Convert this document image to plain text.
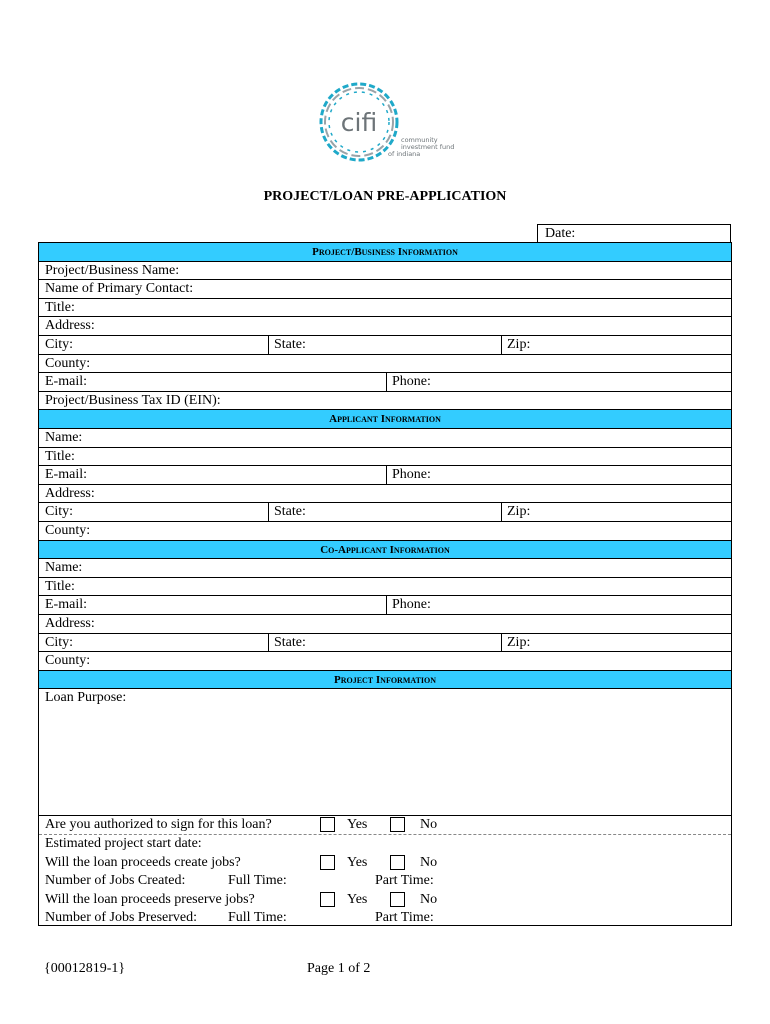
cifi
community
investment fund
of indiana
PROJECT/LOAN PRE-APPLICATION
Date:
Project/Business Information
Project/Business Name:
Name of Primary Contact:
Title:
Address:
City:	State:	Zip:
County:
E-mail:	Phone:
Project/Business Tax ID (EIN):
Applicant Information
Name:
Title:
E-mail:	Phone:
Address:
City:	State:	Zip:
County:
Co-Applicant Information
Name:
Title:
E-mail:	Phone:
Address:
City:	State:	Zip:
County:
Project Information
Loan Purpose:
Are you authorized to sign for this loan?	Yes	No
Estimated project start date:
Will the loan proceeds create jobs?	Yes	No
Number of Jobs Created:	Full Time:	Part Time:
Will the loan proceeds preserve jobs?	Yes	No
Number of Jobs Preserved: Full Time:	Part Time:
{00012819-1}	Page 1 of 2
